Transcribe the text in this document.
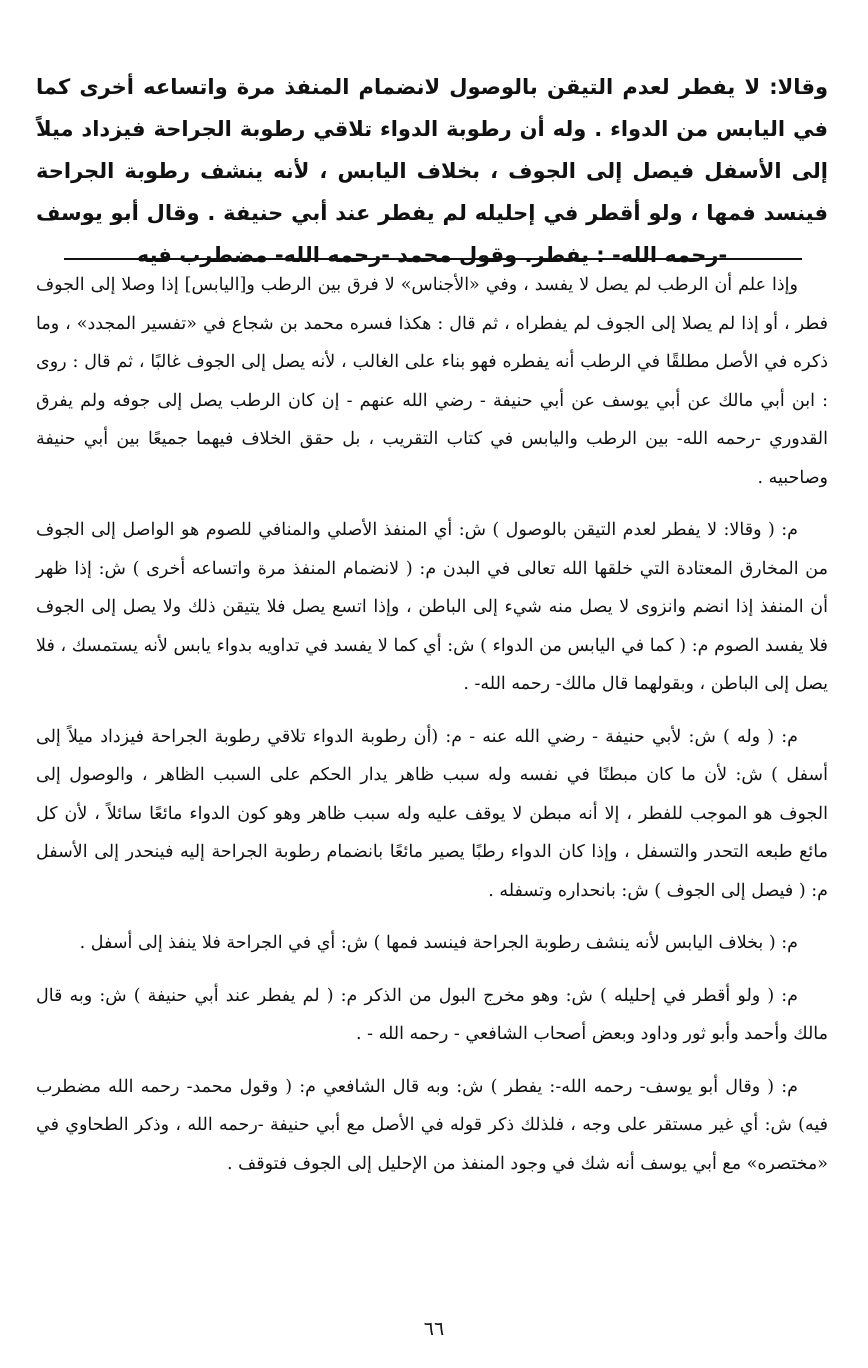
وقالا: لا يفطر لعدم التيقن بالوصول لانضمام المنفذ مرة واتساعه أخرى كما في اليابس من الدواء . وله أن رطوبة الدواء تلاقي رطوبة الجراحة فيزداد ميلاً إلى الأسفل فيصل إلى الجوف ، بخلاف اليابس ، لأنه ينشف رطوبة الجراحة فينسد فمها ، ولو أقطر في إحليله لم يفطر عند أبي حنيفة . وقال أبو يوسف -رحمه الله- : يفطر. وقول محمد -رحمه الله- مضطرب فيه

وإذا علم أن الرطب لم يصل لا يفسد ، وفي «الأجناس» لا فرق بين الرطب و[اليابس] إذا وصلا إلى الجوف فطر ، أو إذا لم يصلا إلى الجوف لم يفطراه ، ثم قال : هكذا فسره محمد بن شجاع في «تفسير المجدد» ، وما ذكره في الأصل مطلقًا في الرطب أنه يفطره فهو بناء على الغالب ، لأنه يصل إلى الجوف غالبًا ، ثم قال : روى : ابن أبي مالك عن أبي يوسف عن أبي حنيفة - رضي الله عنهم - إن كان الرطب يصل إلى جوفه ولم يفرق القدوري -رحمه الله- بين الرطب واليابس في كتاب التقريب ، بل حقق الخلاف فيهما جميعًا بين أبي حنيفة وصاحبيه .

م: ( وقالا: لا يفطر لعدم التيقن بالوصول ) ش: أي المنفذ الأصلي والمنافي للصوم هو الواصل إلى الجوف من المخارق المعتادة التي خلقها الله تعالى في البدن م: ( لانضمام المنفذ مرة واتساعه أخرى ) ش: إذا ظهر أن المنفذ إذا انضم وانزوى لا يصل منه شيء إلى الباطن ، وإذا اتسع يصل فلا يتيقن ذلك ولا يصل إلى الجوف فلا يفسد الصوم م: ( كما في اليابس من الدواء ) ش: أي كما لا يفسد في تداويه بدواء يابس لأنه يستمسك ، فلا يصل إلى الباطن ، وبقولهما قال مالك- رحمه الله- .

م: ( وله ) ش: لأبي حنيفة - رضي الله عنه - م: (أن رطوبة الدواء تلاقي رطوبة الجراحة فيزداد ميلاً إلى أسفل ) ش: لأن ما كان مبطنًا في نفسه وله سبب ظاهر يدار الحكم على السبب الظاهر ، والوصول إلى الجوف هو الموجب للفطر ، إلا أنه مبطن لا يوقف عليه وله سبب ظاهر وهو كون الدواء مائعًا سائلاً ، لأن كل مائع طبعه التحدر والتسفل ، وإذا كان الدواء رطبًا يصير مائعًا بانضمام رطوبة الجراحة إليه فينحدر إلى الأسفل م: ( فيصل إلى الجوف ) ش: بانحداره وتسفله .

م: ( بخلاف اليابس لأنه ينشف رطوبة الجراحة فينسد فمها ) ش: أي في الجراحة فلا ينفذ إلى أسفل .

م: ( ولو أقطر في إحليله ) ش: وهو مخرج البول من الذكر م: ( لم يفطر عند أبي حنيفة ) ش: وبه قال مالك وأحمد وأبو ثور وداود وبعض أصحاب الشافعي - رحمه الله - .

م: ( وقال أبو يوسف- رحمه الله-: يفطر ) ش: وبه قال الشافعي م: ( وقول محمد- رحمه الله مضطرب فيه) ش: أي غير مستقر على وجه ، فلذلك ذكر قوله في الأصل مع أبي حنيفة -رحمه الله ، وذكر الطحاوي في «مختصره» مع أبي يوسف أنه شك في وجود المنفذ من الإحليل إلى الجوف فتوقف .

٦٦
